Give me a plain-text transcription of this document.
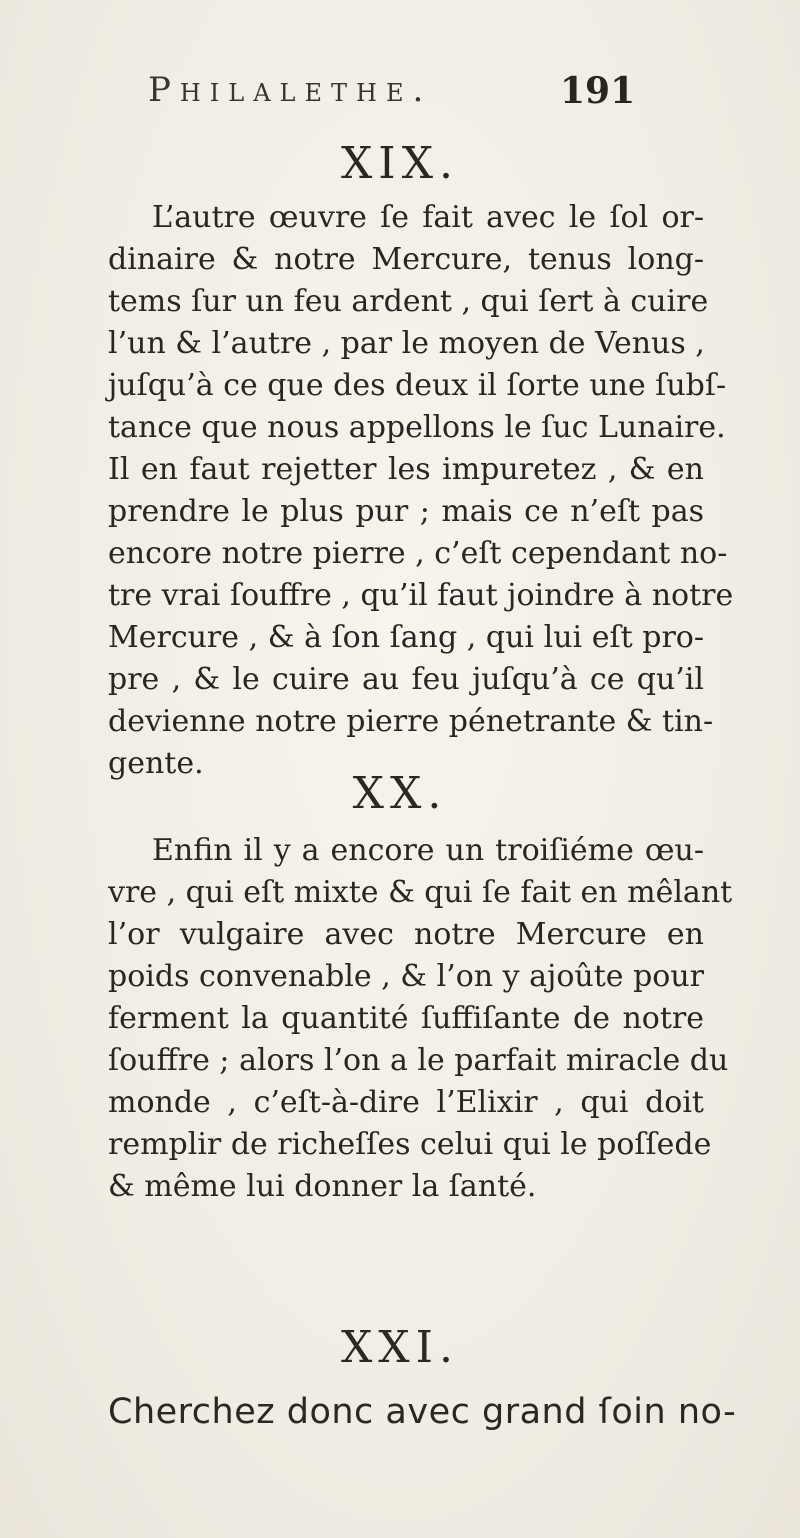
Philalethe.	191
XIX.

L’autre œuvre ſe fait avec le ſol or-
dinaire & notre Mercure, tenus long-
tems ſur un feu ardent , qui ſert à cuire
l’un & l’autre , par le moyen de Venus ,
juſqu’à ce que des deux il ſorte une ſubſ-
tance que nous appellons le ſuc Lunaire.
Il en faut rejetter les impuretez , & en
prendre le plus pur ; mais ce n’eſt pas
encore notre pierre , c’eſt cependant no-
tre vrai ſouffre , qu’il faut joindre à notre
Mercure , & à ſon ſang , qui lui eſt pro-
pre , & le cuire au feu juſqu’à ce qu’il
devienne notre pierre pénetrante & tin-
gente.

XX.

Enfin il y a encore un troiſiéme œu-
vre , qui eſt mixte & qui ſe fait en mêlant
l’or vulgaire avec notre Mercure en
poids convenable , & l’on y ajoûte pour
ferment la quantité ſuffiſante de notre
ſouffre ; alors l’on a le parfait miracle du
monde , c’eſt-à-dire l’Elixir , qui doit
remplir de richeſſes celui qui le poſſede
& même lui donner la ſanté.

XXI.
Cherchez donc avec grand ſoin no-
